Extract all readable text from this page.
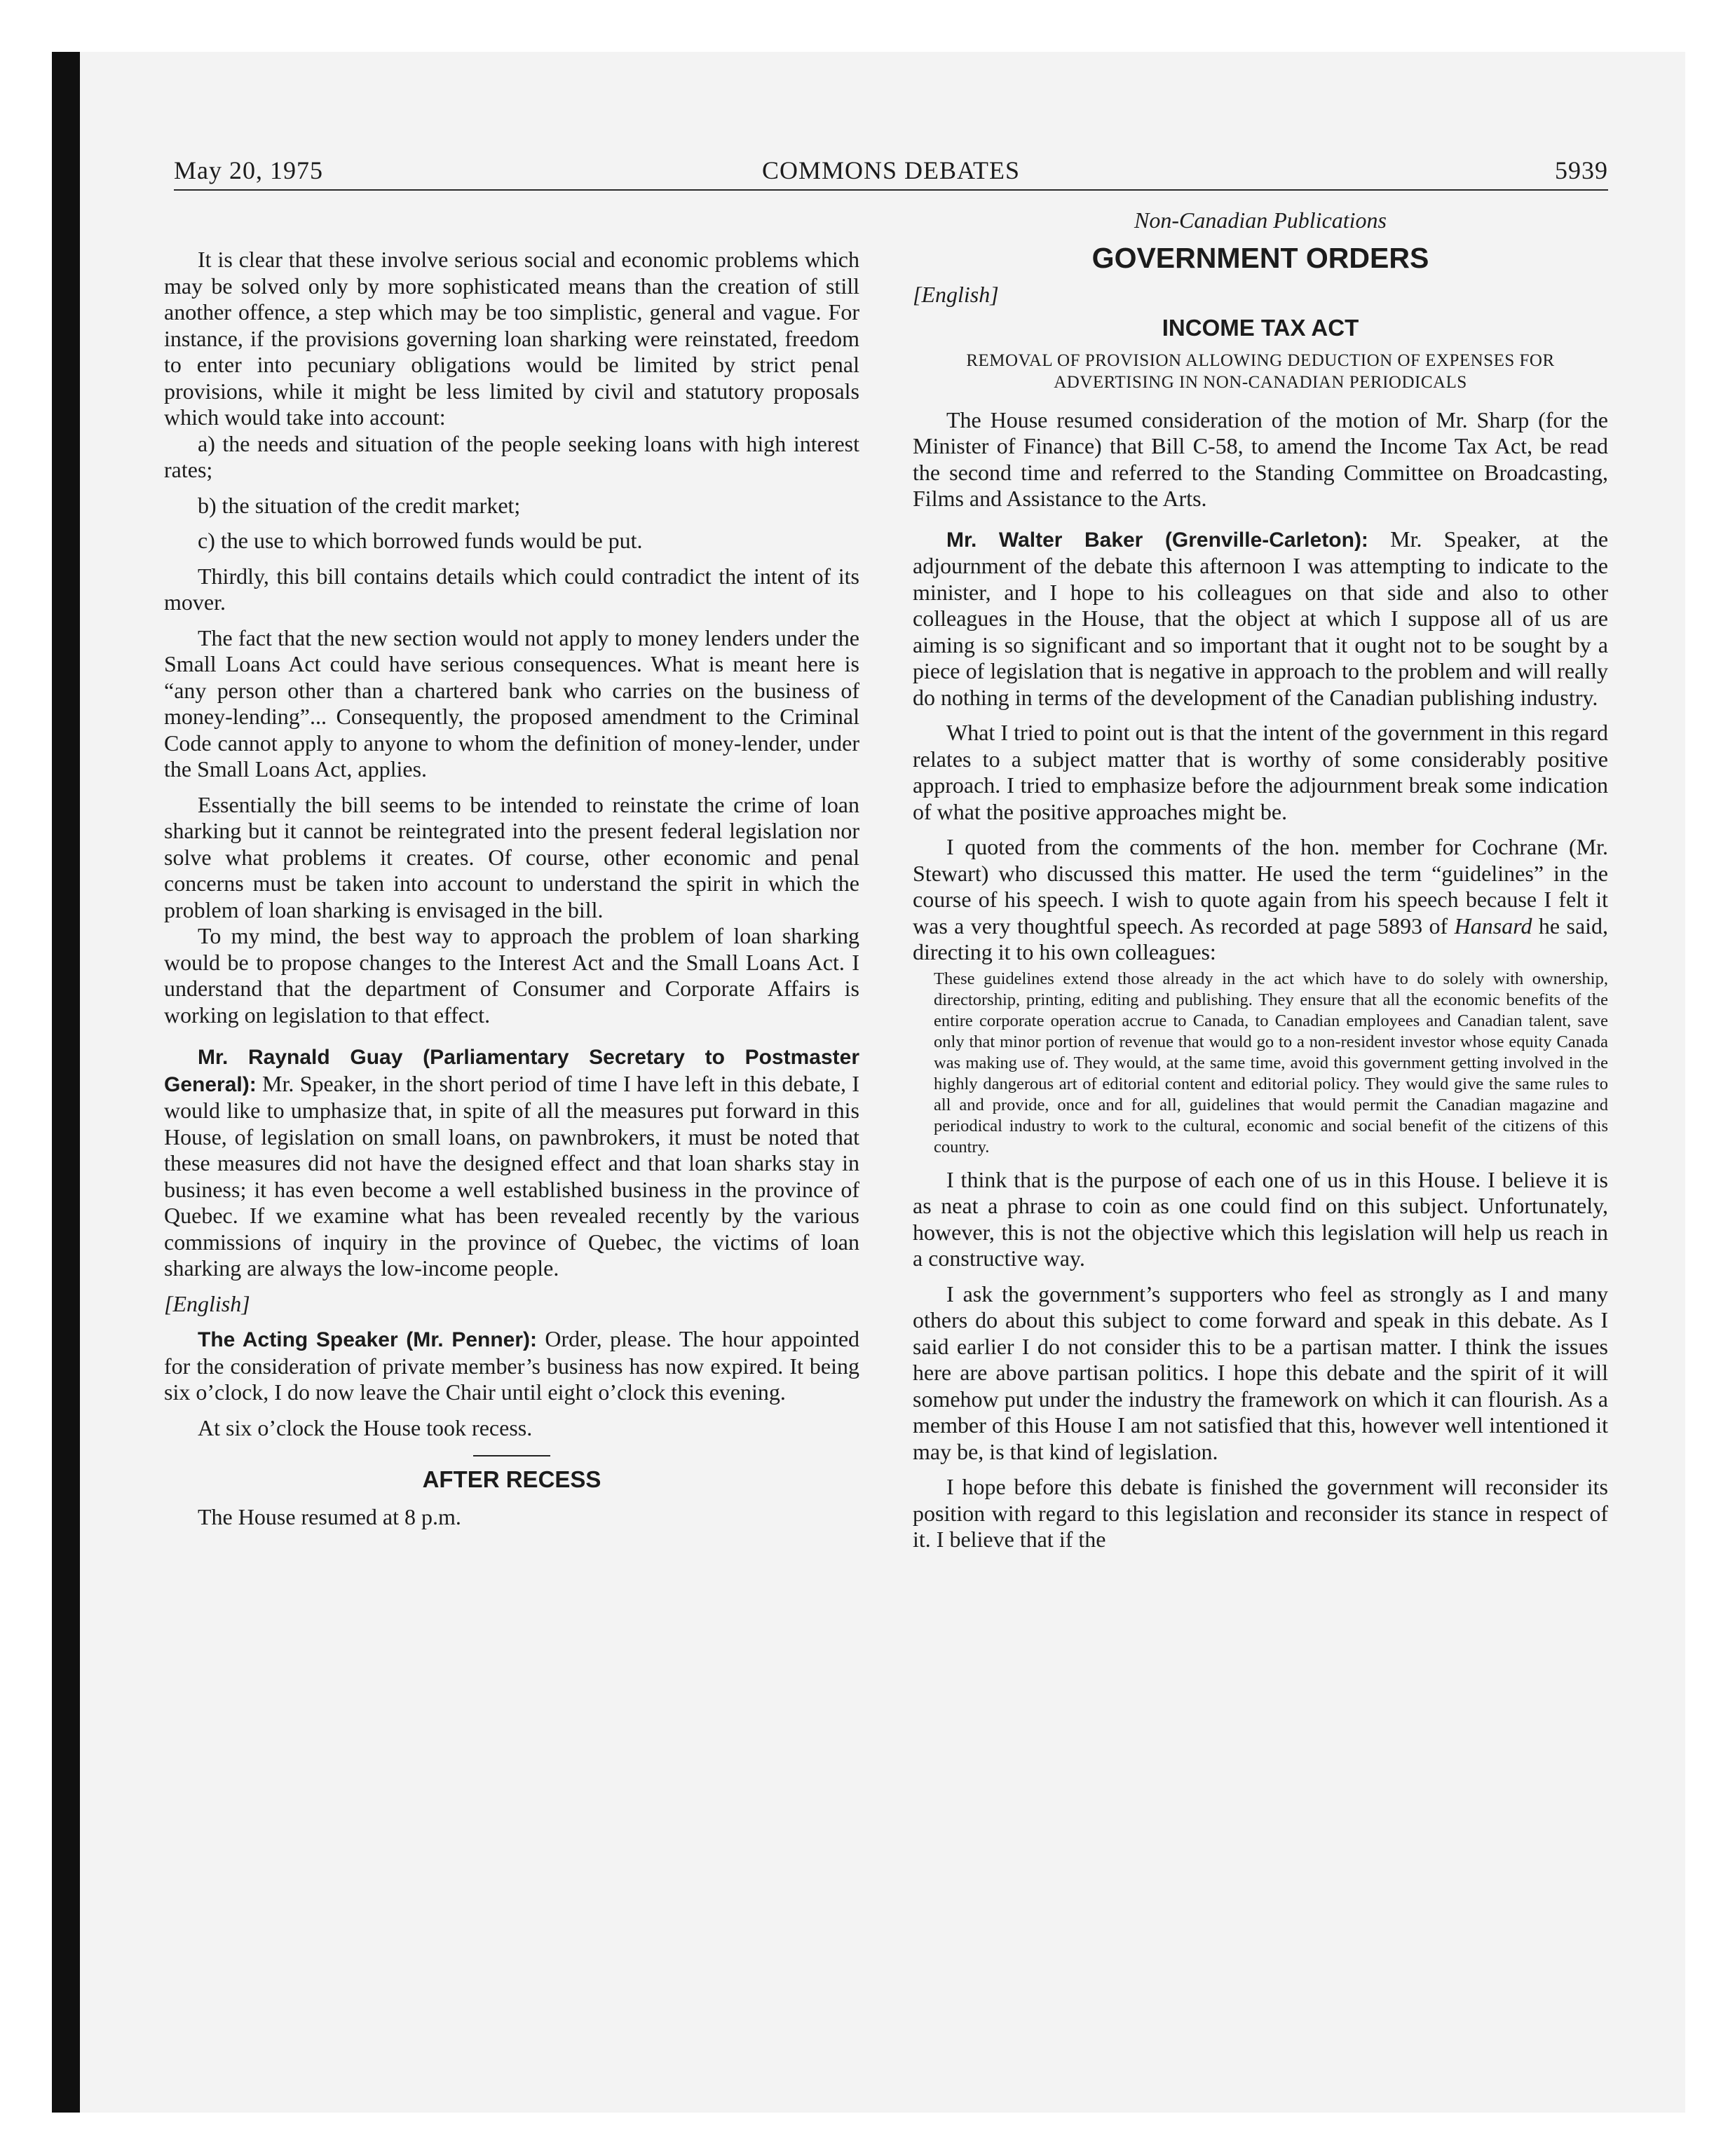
May 20, 1975	COMMONS DEBATES	5939

It is clear that these involve serious social and economic problems which may be solved only by more sophisticated means than the creation of still another offence, a step which may be too simplistic, general and vague. For instance, if the provisions governing loan sharking were reinstated, freedom to enter into pecuniary obligations would be limited by strict penal provisions, while it might be less limited by civil and statutory proposals which would take into account:

a) the needs and situation of the people seeking loans with high interest rates;

b) the situation of the credit market;

c) the use to which borrowed funds would be put.

Thirdly, this bill contains details which could contradict the intent of its mover.

The fact that the new section would not apply to money lenders under the Small Loans Act could have serious consequences. What is meant here is “any person other than a chartered bank who carries on the business of money-lending”... Consequently, the proposed amendment to the Criminal Code cannot apply to anyone to whom the definition of money-lender, under the Small Loans Act, applies.

Essentially the bill seems to be intended to reinstate the crime of loan sharking but it cannot be reintegrated into the present federal legislation nor solve what problems it creates. Of course, other economic and penal concerns must be taken into account to understand the spirit in which the problem of loan sharking is envisaged in the bill.

To my mind, the best way to approach the problem of loan sharking would be to propose changes to the Interest Act and the Small Loans Act. I understand that the department of Consumer and Corporate Affairs is working on legislation to that effect.

Mr. Raynald Guay (Parliamentary Secretary to Postmaster General): Mr. Speaker, in the short period of time I have left in this debate, I would like to umphasize that, in spite of all the measures put forward in this House, of legislation on small loans, on pawnbrokers, it must be noted that these measures did not have the designed effect and that loan sharks stay in business; it has even become a well established business in the province of Quebec. If we examine what has been revealed recently by the various commissions of inquiry in the province of Quebec, the victims of loan sharking are always the low-income people.

[English]

The Acting Speaker (Mr. Penner): Order, please. The hour appointed for the consideration of private member’s business has now expired. It being six o’clock, I do now leave the Chair until eight o’clock this evening.

At six o’clock the House took recess.

AFTER RECESS

The House resumed at 8 p.m.

Non-Canadian Publications
GOVERNMENT ORDERS
[English]
INCOME TAX ACT
REMOVAL OF PROVISION ALLOWING DEDUCTION OF EXPENSES FOR ADVERTISING IN NON-CANADIAN PERIODICALS

The House resumed consideration of the motion of Mr. Sharp (for the Minister of Finance) that Bill C-58, to amend the Income Tax Act, be read the second time and referred to the Standing Committee on Broadcasting, Films and Assistance to the Arts.

Mr. Walter Baker (Grenville-Carleton): Mr. Speaker, at the adjournment of the debate this afternoon I was attempting to indicate to the minister, and I hope to his colleagues on that side and also to other colleagues in the House, that the object at which I suppose all of us are aiming is so significant and so important that it ought not to be sought by a piece of legislation that is negative in approach to the problem and will really do nothing in terms of the development of the Canadian publishing industry.

What I tried to point out is that the intent of the government in this regard relates to a subject matter that is worthy of some considerably positive approach. I tried to emphasize before the adjournment break some indication of what the positive approaches might be.

I quoted from the comments of the hon. member for Cochrane (Mr. Stewart) who discussed this matter. He used the term “guidelines” in the course of his speech. I wish to quote again from his speech because I felt it was a very thoughtful speech. As recorded at page 5893 of Hansard he said, directing it to his own colleagues:

These guidelines extend those already in the act which have to do solely with ownership, directorship, printing, editing and publishing. They ensure that all the economic benefits of the entire corporate operation accrue to Canada, to Canadian employees and Canadian talent, save only that minor portion of revenue that would go to a non-resident investor whose equity Canada was making use of. They would, at the same time, avoid this government getting involved in the highly dangerous art of editorial content and editorial policy. They would give the same rules to all and provide, once and for all, guidelines that would permit the Canadian magazine and periodical industry to work to the cultural, economic and social benefit of the citizens of this country.

I think that is the purpose of each one of us in this House. I believe it is as neat a phrase to coin as one could find on this subject. Unfortunately, however, this is not the objective which this legislation will help us reach in a constructive way.

I ask the government’s supporters who feel as strongly as I and many others do about this subject to come forward and speak in this debate. As I said earlier I do not consider this to be a partisan matter. I think the issues here are above partisan politics. I hope this debate and the spirit of it will somehow put under the industry the framework on which it can flourish. As a member of this House I am not satisfied that this, however well intentioned it may be, is that kind of legislation.

I hope before this debate is finished the government will reconsider its position with regard to this legislation and reconsider its stance in respect of it. I believe that if the
